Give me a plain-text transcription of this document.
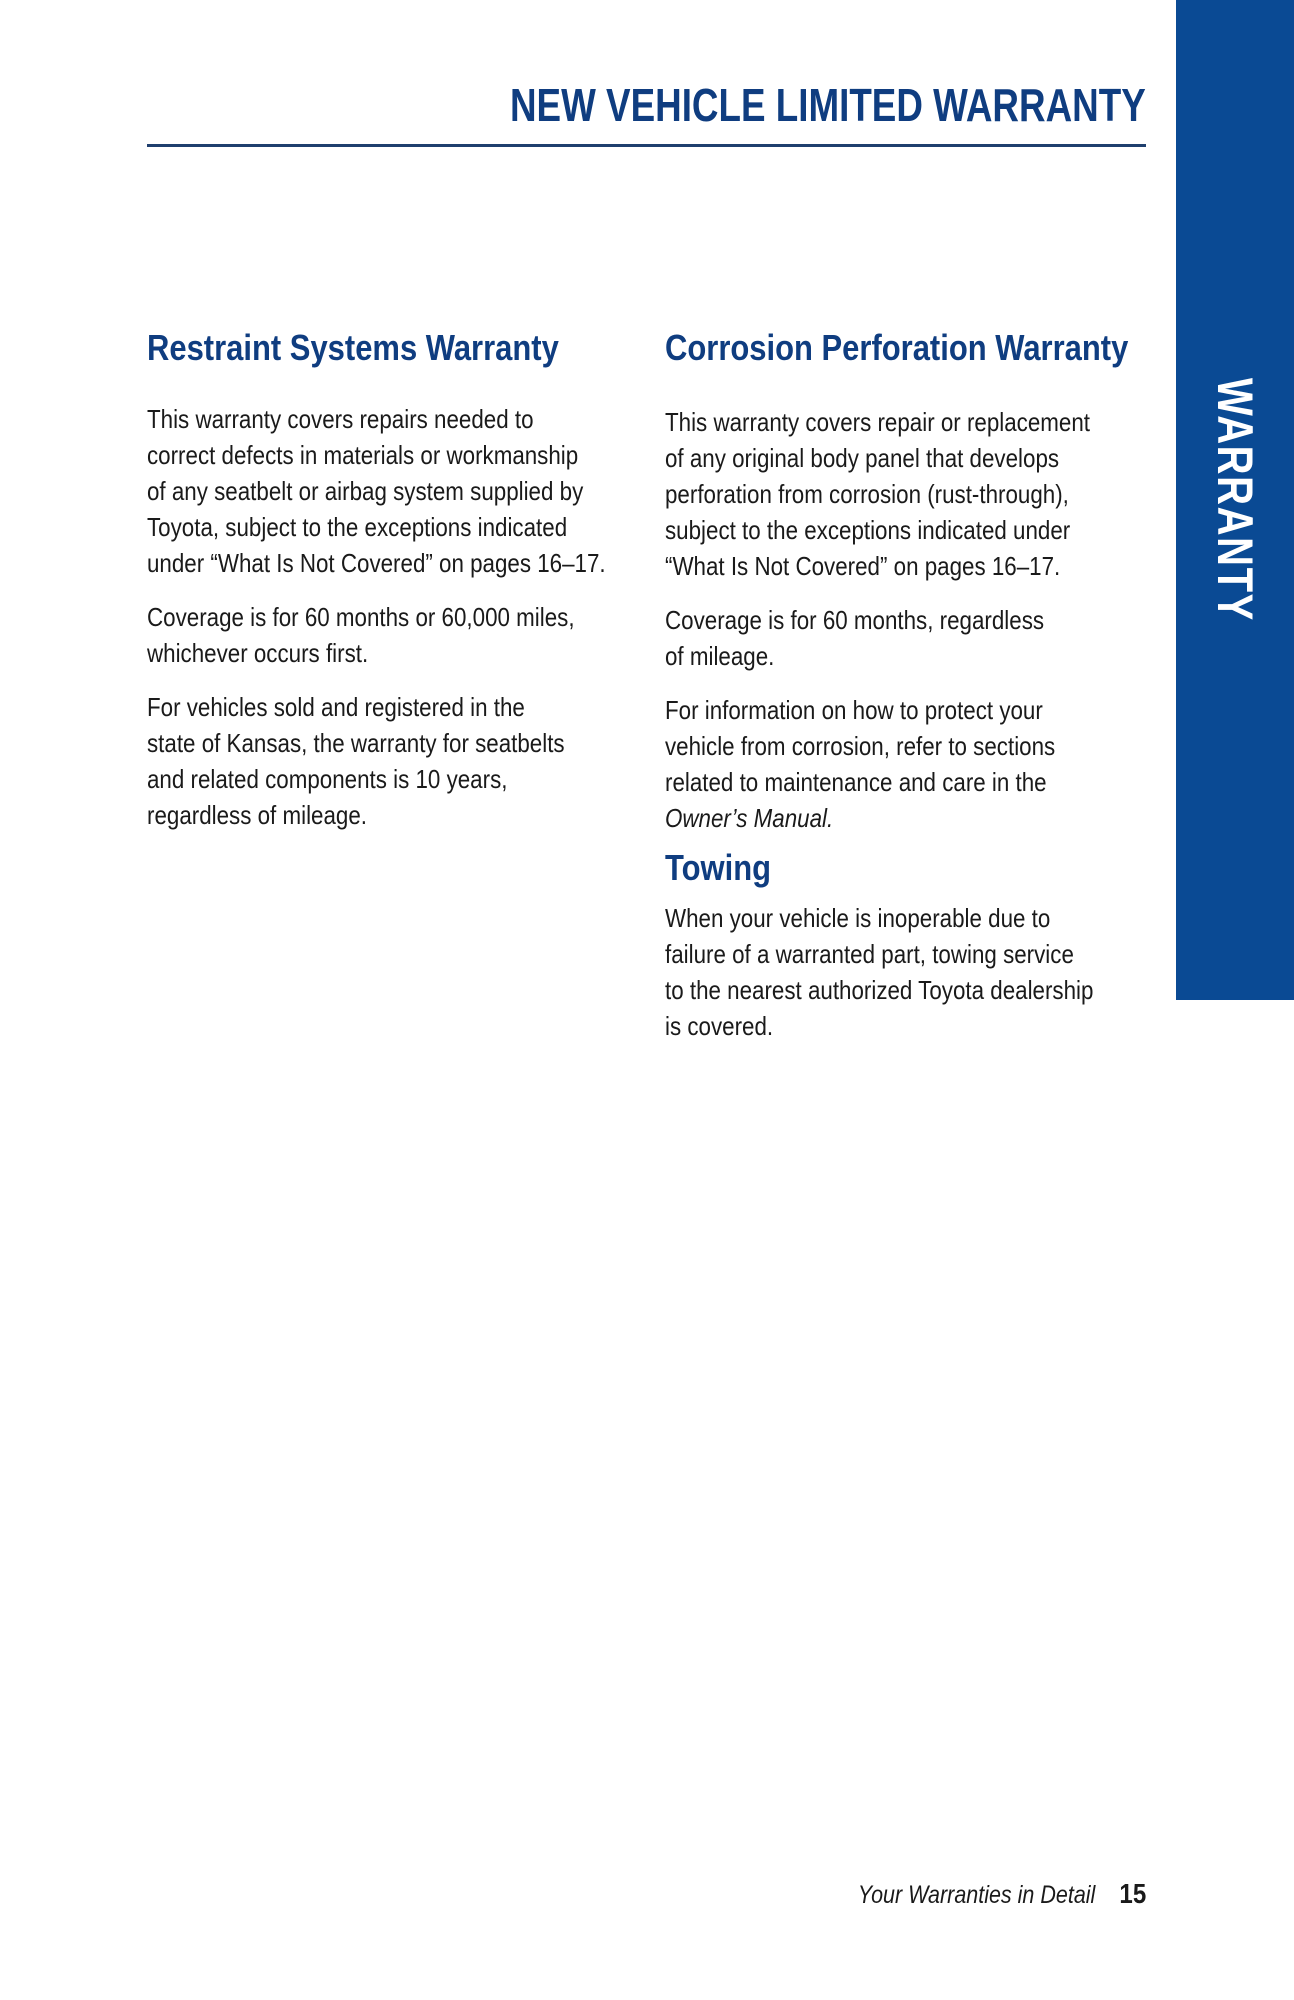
NEW VEHICLE LIMITED WARRANTY
WARRANTY
Restraint Systems Warranty
This warranty covers repairs needed to
correct defects in materials or workmanship
of any seatbelt or airbag system supplied by
Toyota, subject to the exceptions indicated
under “What Is Not Covered” on pages 16–17.
Coverage is for 60 months or 60,000 miles,
whichever occurs first.
For vehicles sold and registered in the
state of Kansas, the warranty for seatbelts
and related components is 10 years,
regardless of mileage.
Corrosion Perforation Warranty
This warranty covers repair or replacement
of any original body panel that develops
perforation from corrosion (rust-through),
subject to the exceptions indicated under
“What Is Not Covered” on pages 16–17.
Coverage is for 60 months, regardless
of mileage.
For information on how to protect your
vehicle from corrosion, refer to sections
related to maintenance and care in the
Owner’s Manual.
Towing
When your vehicle is inoperable due to
failure of a warranted part, towing service
to the nearest authorized Toyota dealership
is covered.
Your Warranties in Detail 15
